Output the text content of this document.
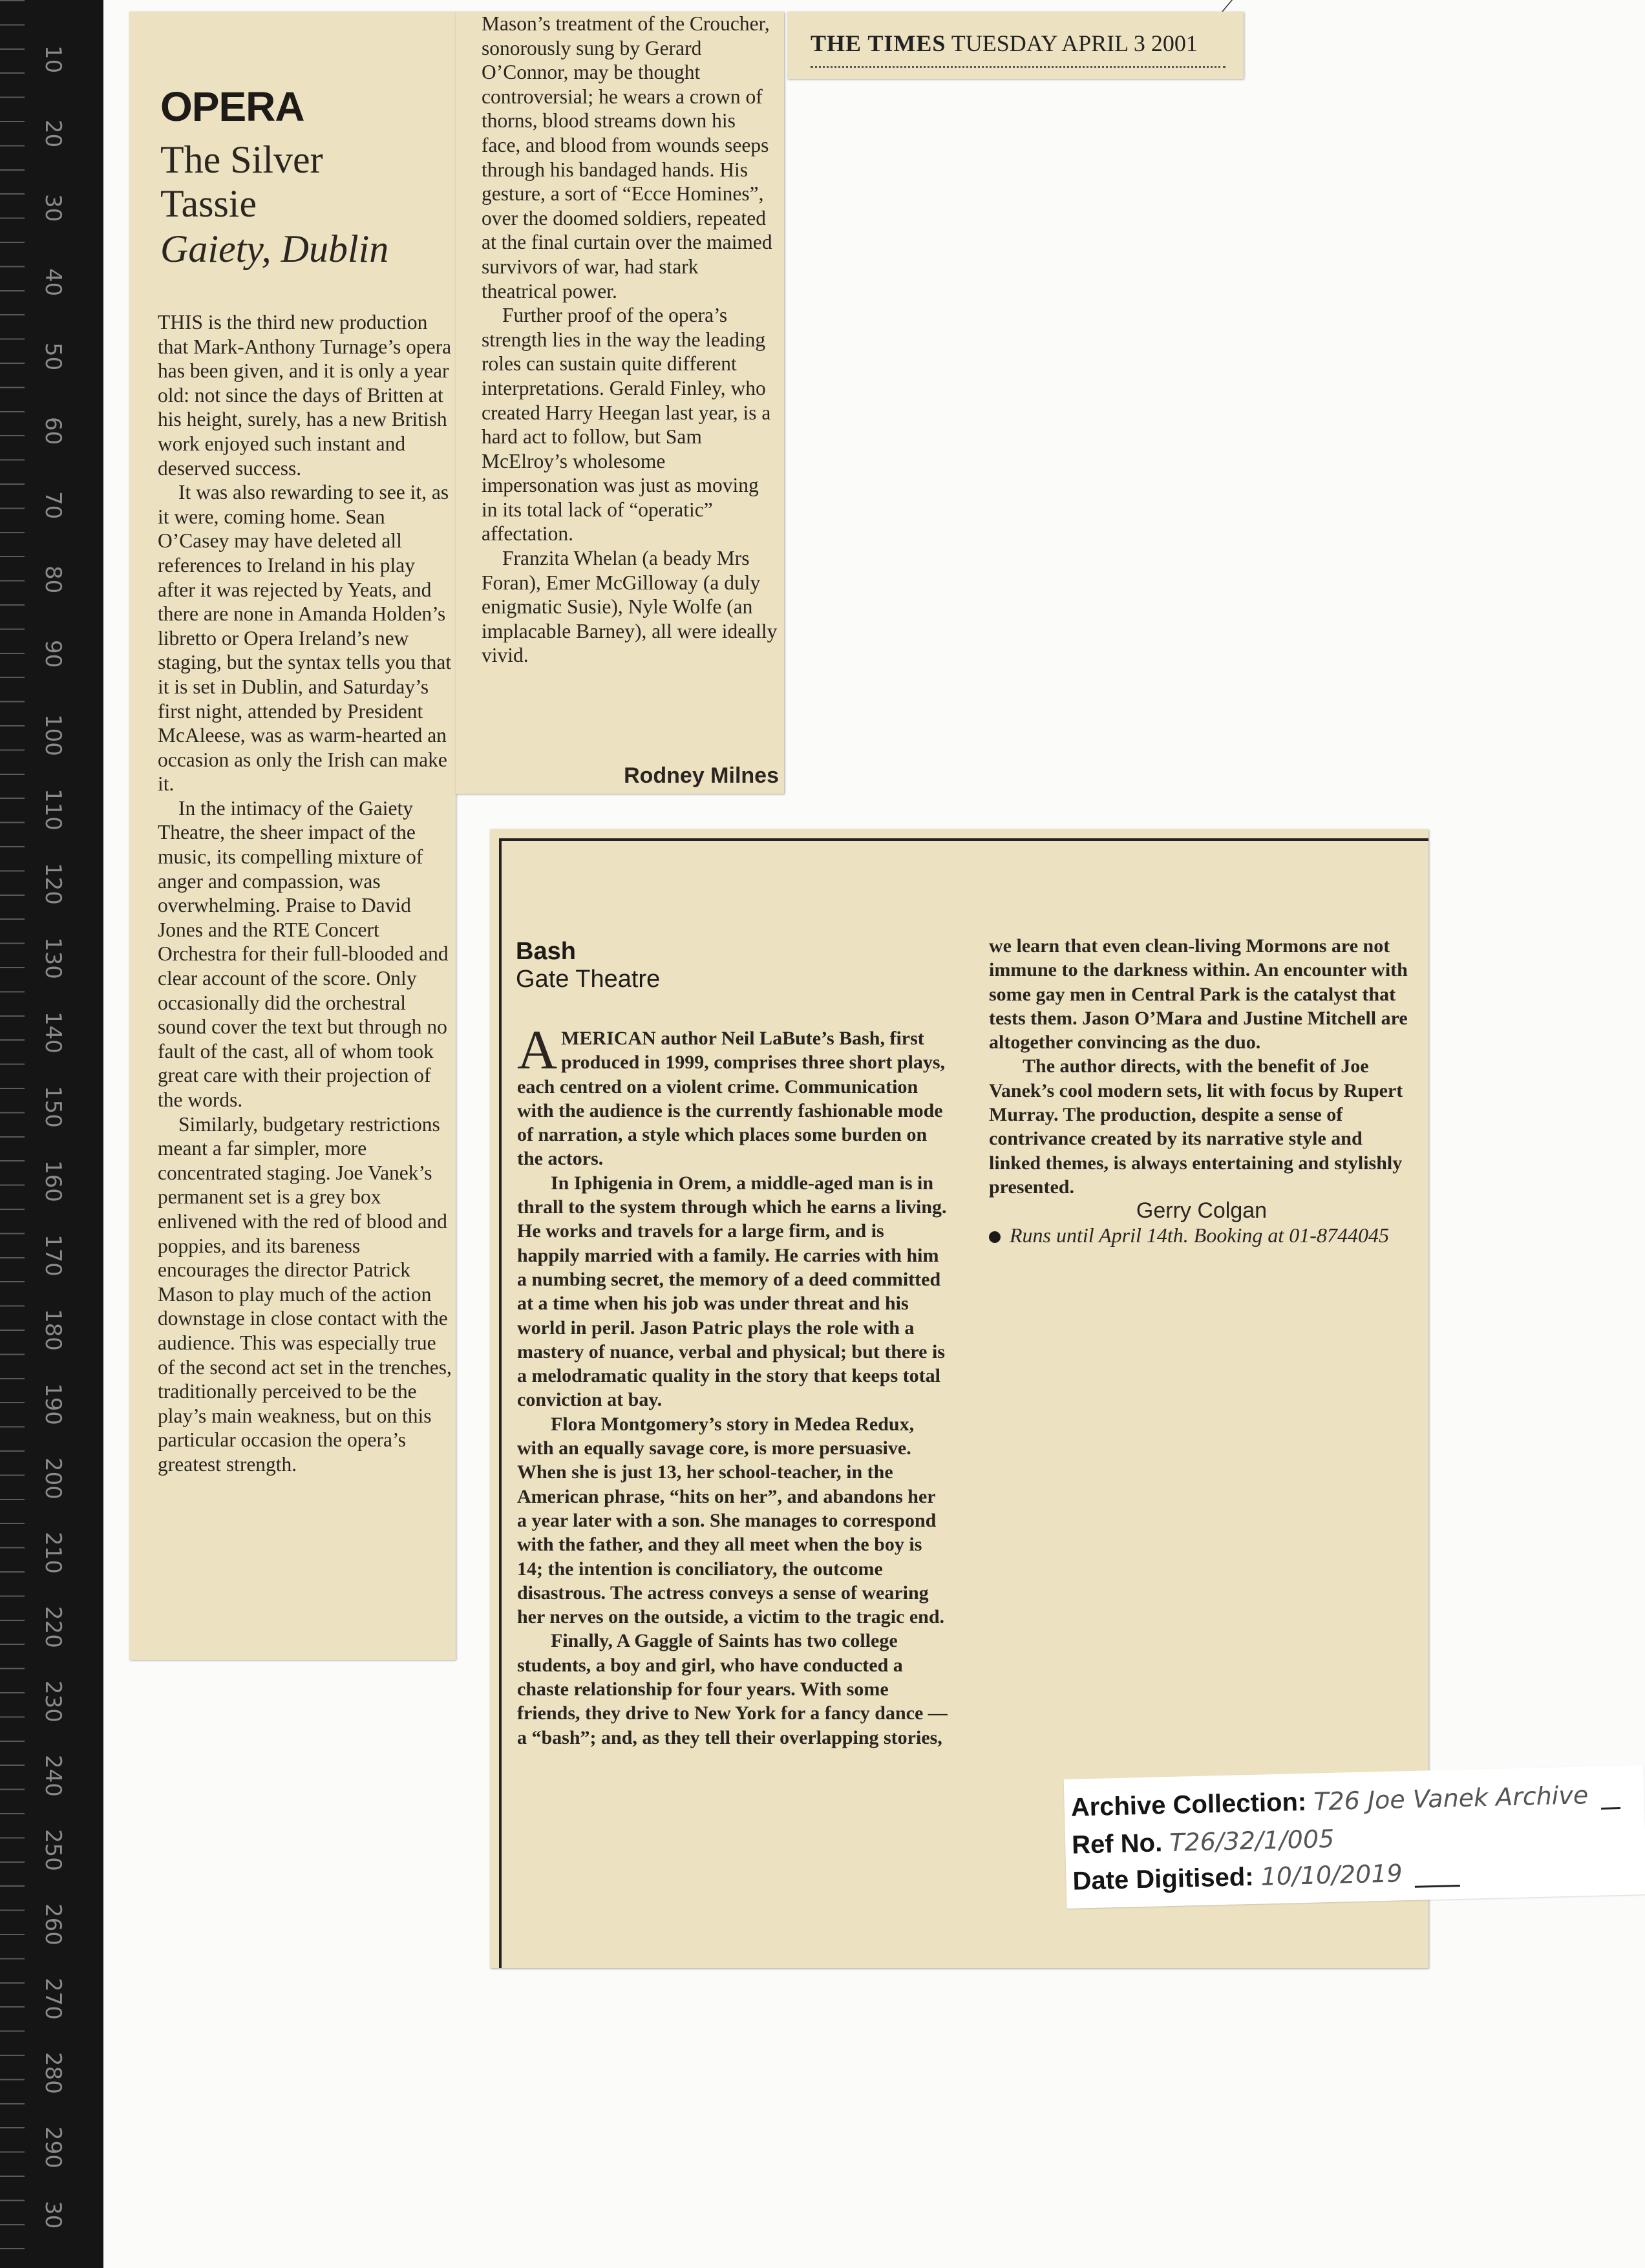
10
20
30
40
50
60
70
80
90
100
110
120
130
140
150
160
170
180
190
200
210
220
230
240
250
260
270
280
290
30
OPERA
The Silver
Tassie
Gaiety, Dublin

THIS is the third new production that Mark-Anthony Turnage’s opera has been given, and it is only a year old: not since the days of Britten at his height, surely, has a new British work enjoyed such instant and deserved success.

It was also rewarding to see it, as it were, coming home. Sean O’Casey may have deleted all references to Ireland in his play after it was rejected by Yeats, and there are none in Amanda Holden’s libretto or Opera Ireland’s new staging, but the syntax tells you that it is set in Dublin, and Saturday’s first night, attended by President McAleese, was as warm-hearted an occasion as only the Irish can make it.

In the intimacy of the Gaiety Theatre, the sheer impact of the music, its compelling mixture of anger and compassion, was overwhelming. Praise to David Jones and the RTE Concert Orchestra for their full-blooded and clear account of the score. Only occasionally did the orchestral sound cover the text but through no fault of the cast, all of whom took great care with their projection of the words.

Similarly, budgetary restrictions meant a far simpler, more concentrated staging. Joe Vanek’s permanent set is a grey box enlivened with the red of blood and poppies, and its bareness encourages the director Patrick Mason to play much of the action downstage in close contact with the audience. This was especially true of the second act set in the trenches, traditionally perceived to be the play’s main weakness, but on this particular occasion the opera’s greatest strength.

Mason’s treatment of the Croucher, sonorously sung by Gerard O’Connor, may be thought controversial; he wears a crown of thorns, blood streams down his face, and blood from wounds seeps through his bandaged hands. His gesture, a sort of “Ecce Homines”, over the doomed soldiers, repeated at the final curtain over the maimed survivors of war, had stark theatrical power.

Further proof of the opera’s strength lies in the way the leading roles can sustain quite different interpretations. Gerald Finley, who created Harry Heegan last year, is a hard act to follow, but Sam McElroy’s wholesome impersonation was just as moving in its total lack of “operatic” affectation.

Franzita Whelan (a beady Mrs Foran), Emer McGilloway (a duly enigmatic Susie), Nyle Wolfe (an implacable Barney), all were ideally vivid.

Rodney Milnes
THE TIMES TUESDAY APRIL 3 2001
Bash
Gate Theatre

AMERICAN author Neil LaBute’s Bash, first produced in 1999, comprises three short plays, each centred on a violent crime. Communication with the audience is the currently fashionable mode of narration, a style which places some burden on the actors.

In Iphigenia in Orem, a middle-aged man is in thrall to the system through which he earns a living. He works and travels for a large firm, and is happily married with a family. He carries with him a numbing secret, the memory of a deed committed at a time when his job was under threat and his world in peril. Jason Patric plays the role with a mastery of nuance, verbal and physical; but there is a melodramatic quality in the story that keeps total conviction at bay.

Flora Montgomery’s story in Medea Redux, with an equally savage core, is more persuasive. When she is just 13, her school-teacher, in the American phrase, “hits on her”, and abandons her a year later with a son. She manages to correspond with the father, and they all meet when the boy is 14; the intention is conciliatory, the outcome disastrous. The actress conveys a sense of wearing her nerves on the outside, a victim to the tragic end.

Finally, A Gaggle of Saints has two college students, a boy and girl, who have conducted a chaste relationship for four years. With some friends, they drive to New York for a fancy dance — a “bash”; and, as they tell their overlapping stories,

we learn that even clean-living Mormons are not immune to the darkness within. An encounter with some gay men in Central Park is the catalyst that tests them. Jason O’Mara and Justine Mitchell are altogether convincing as the duo.

The author directs, with the benefit of Joe Vanek’s cool modern sets, lit with focus by Rupert Murray. The production, despite a sense of contrivance created by its narrative style and linked themes, is always entertaining and stylishly presented.

Gerry Colgan

Runs until April 14th. Booking at 01-8744045

Archive Collection: T26 Joe Vanek Archive
Ref No. T26/32/1/005
Date Digitised: 10/10/2019
